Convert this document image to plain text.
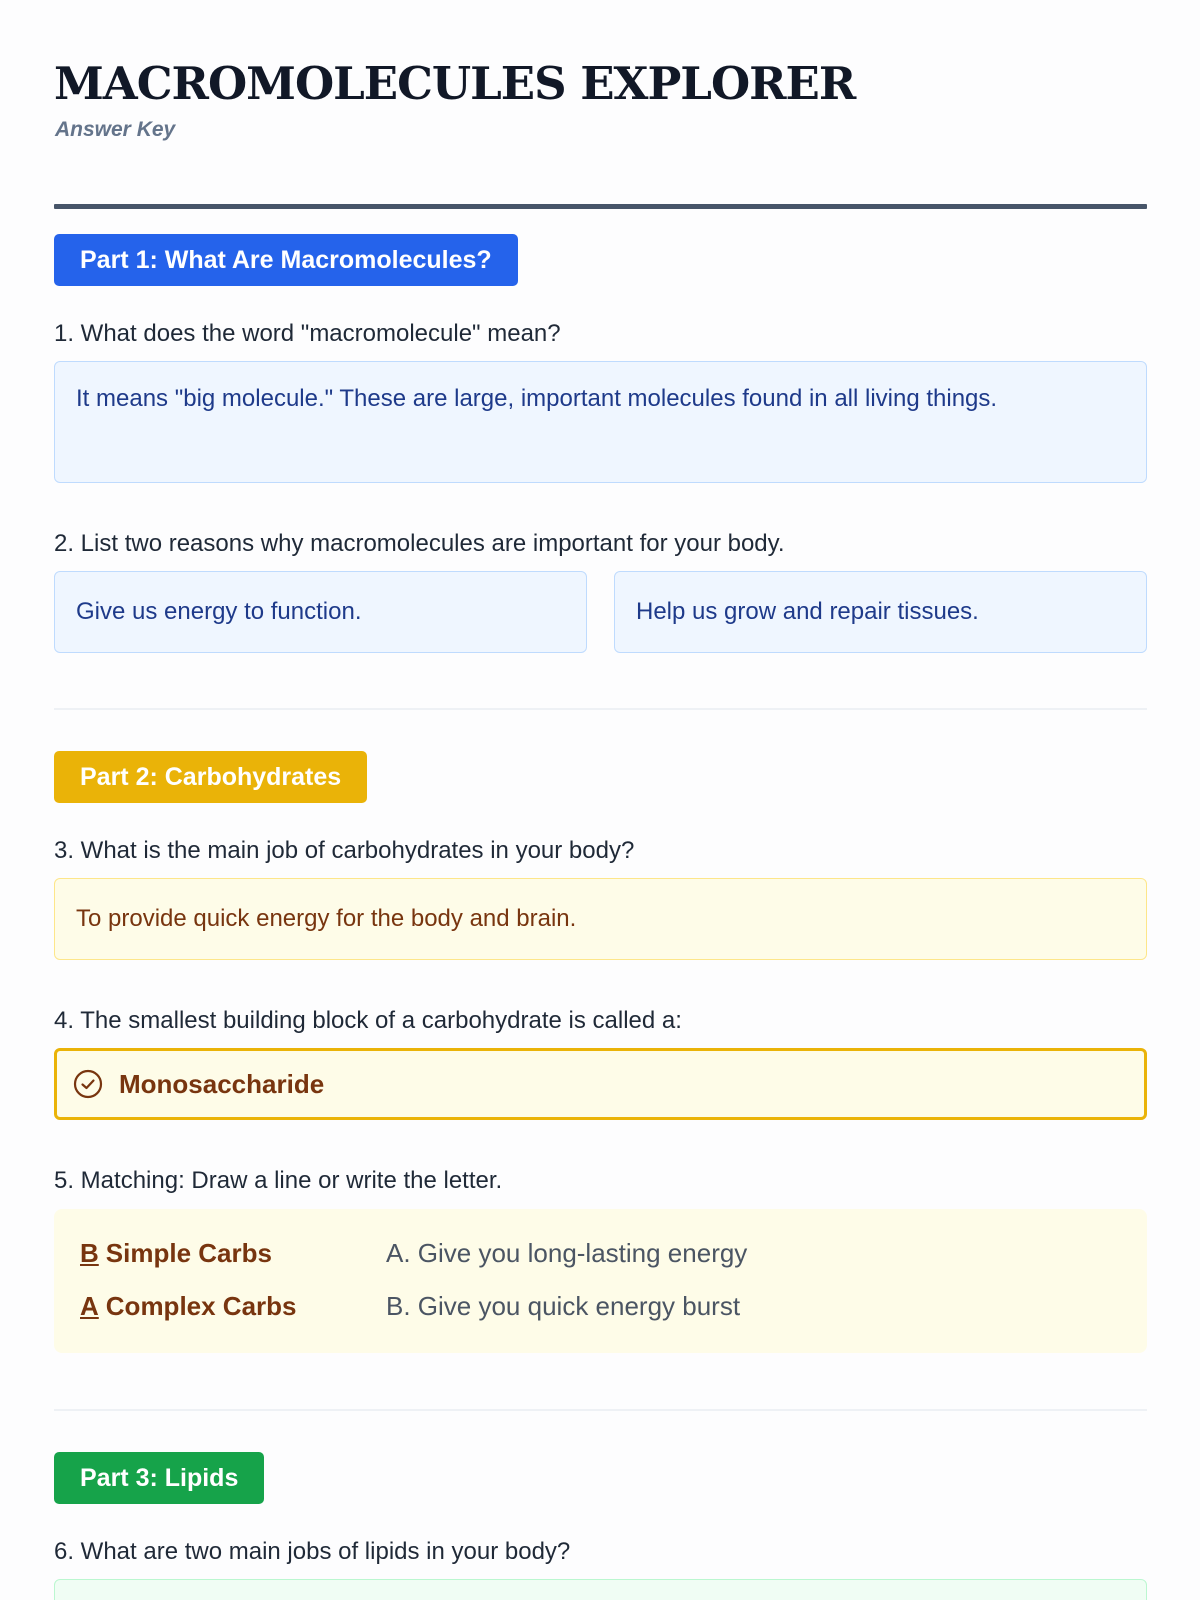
MACROMOLECULES EXPLORER
Answer Key
Part 1: What Are Macromolecules?
1. What does the word "macromolecule" mean?
It means "big molecule." These are large, important molecules found in all living things.
2. List two reasons why macromolecules are important for your body.
Give us energy to function.	Help us grow and repair tissues.
Part 2: Carbohydrates
3. What is the main job of carbohydrates in your body?
To provide quick energy for the body and brain.
4. The smallest building block of a carbohydrate is called a:
Monosaccharide
5. Matching: Draw a line or write the letter.
B Simple Carbs	A. Give you long-lasting energy
A Complex Carbs	B. Give you quick energy burst
Part 3: Lipids
6. What are two main jobs of lipids in your body?
